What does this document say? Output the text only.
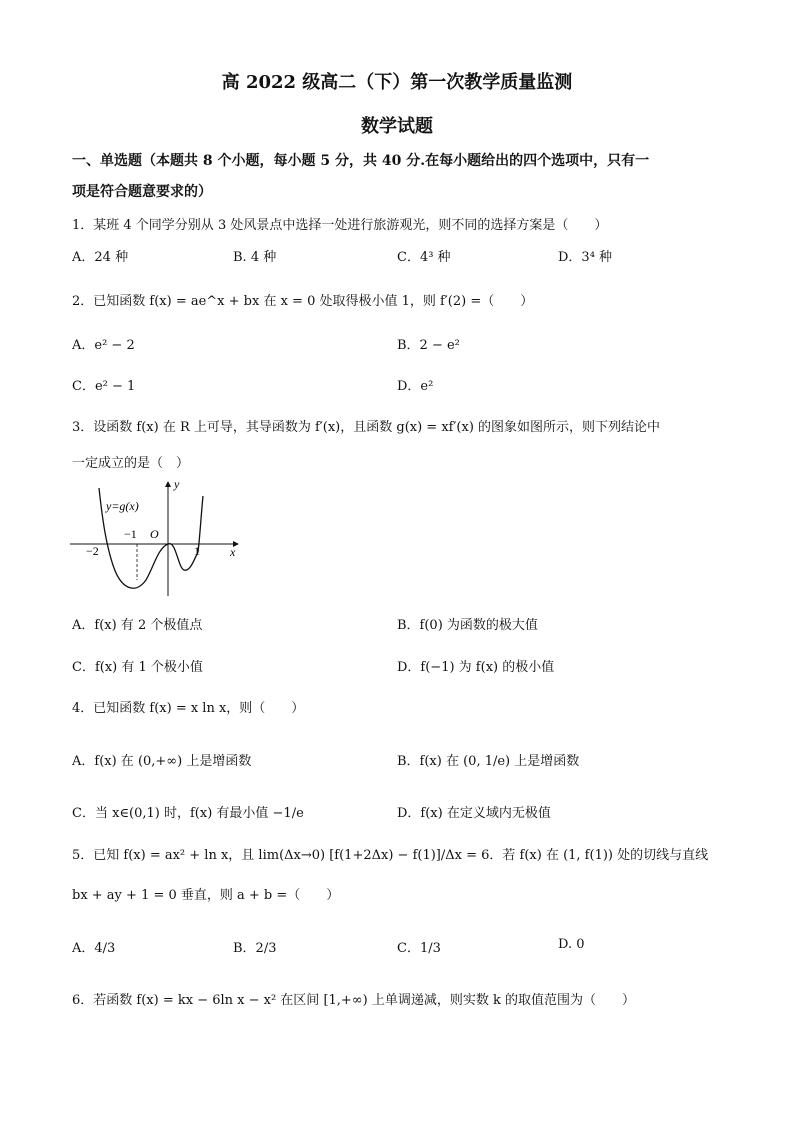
高 2022 级高二（下）第一次教学质量监测
数学试题
一、单选题（本题共 8 个小题，每小题 5 分，共 40 分.在每小题给出的四个选项中，只有一
项是符合题意要求的）
1．某班 4 个同学分别从 3 处风景点中选择一处进行旅游观光，则不同的选择方案是（　　）
A．24 种	B. 4 种	C．4³ 种	D．3⁴ 种
2．已知函数 f(x) = ae^x + bx 在 x = 0 处取得极小值 1，则 f′(2) =（　　）
A．e² − 2	B．2 − e²
C．e² − 1	D．e²
3．设函数 f(x) 在 R 上可导，其导函数为 f′(x)，且函数 g(x) = xf′(x) 的图象如图所示，则下列结论中
一定成立的是（　）
y=g(x)
y
x
O
−2
−1
1
A．f(x) 有 2 个极值点	B．f(0) 为函数的极大值
C．f(x) 有 1 个极小值	D．f(−1) 为 f(x) 的极小值
4．已知函数 f(x) = x ln x，则（　　）
A．f(x) 在 (0,+∞) 上是增函数	B．f(x) 在 (0, 1/e) 上是增函数
C．当 x∈(0,1) 时，f(x) 有最小值 −1/e	D．f(x) 在定义域内无极值
5．已知 f(x) = ax² + ln x，且 lim(Δx→0) [f(1+2Δx) − f(1)]/Δx = 6．若 f(x) 在 (1, f(1)) 处的切线与直线
bx + ay + 1 = 0 垂直，则 a + b =（　　）
A．4/3	B．2/3	C．1/3	D. 0
6．若函数 f(x) = kx − 6ln x − x² 在区间 [1,+∞) 上单调递减，则实数 k 的取值范围为（　　）
